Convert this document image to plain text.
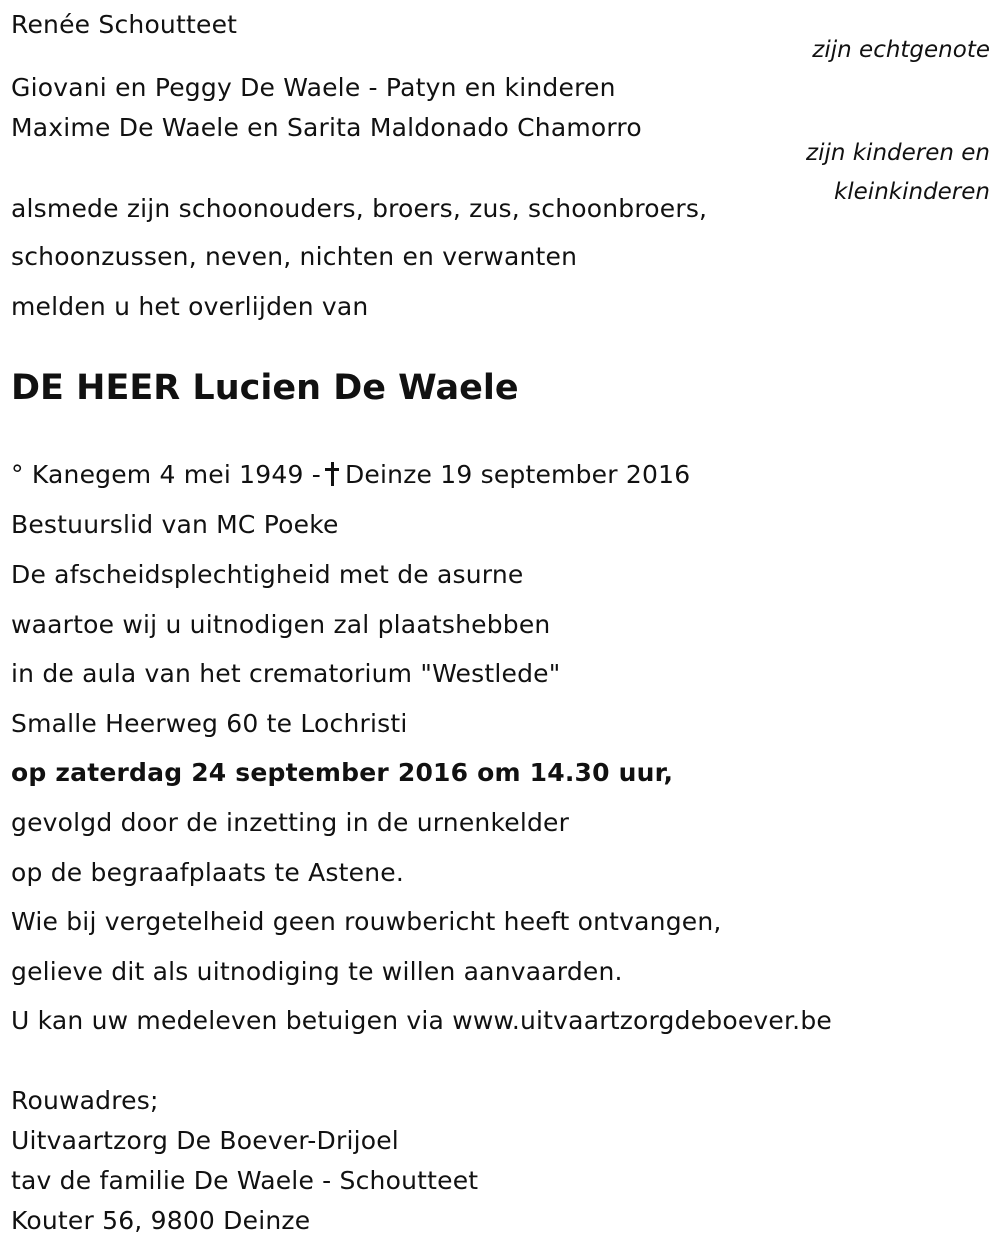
Renée Schoutteet
zijn echtgenote
Giovani en Peggy De Waele - Patyn en kinderen
Maxime De Waele en Sarita Maldonado Chamorro
zijn kinderen en
kleinkinderen
alsmede zijn schoonouders, broers, zus, schoonbroers,
schoonzussen, neven, nichten en verwanten
melden u het overlijden van
DE HEER Lucien De Waele
° Kanegem 4 mei 1949 - Deinze 19 september 2016
Bestuurslid van MC Poeke
De afscheidsplechtigheid met de asurne
waartoe wij u uitnodigen zal plaatshebben
in de aula van het crematorium "Westlede"
Smalle Heerweg 60 te Lochristi
op zaterdag 24 september 2016 om 14.30 uur,
gevolgd door de inzetting in de urnenkelder
op de begraafplaats te Astene.
Wie bij vergetelheid geen rouwbericht heeft ontvangen,
gelieve dit als uitnodiging te willen aanvaarden.
U kan uw medeleven betuigen via www.uitvaartzorgdeboever.be
Rouwadres;
Uitvaartzorg De Boever-Drijoel
tav de familie De Waele - Schoutteet
Kouter 56, 9800 Deinze
